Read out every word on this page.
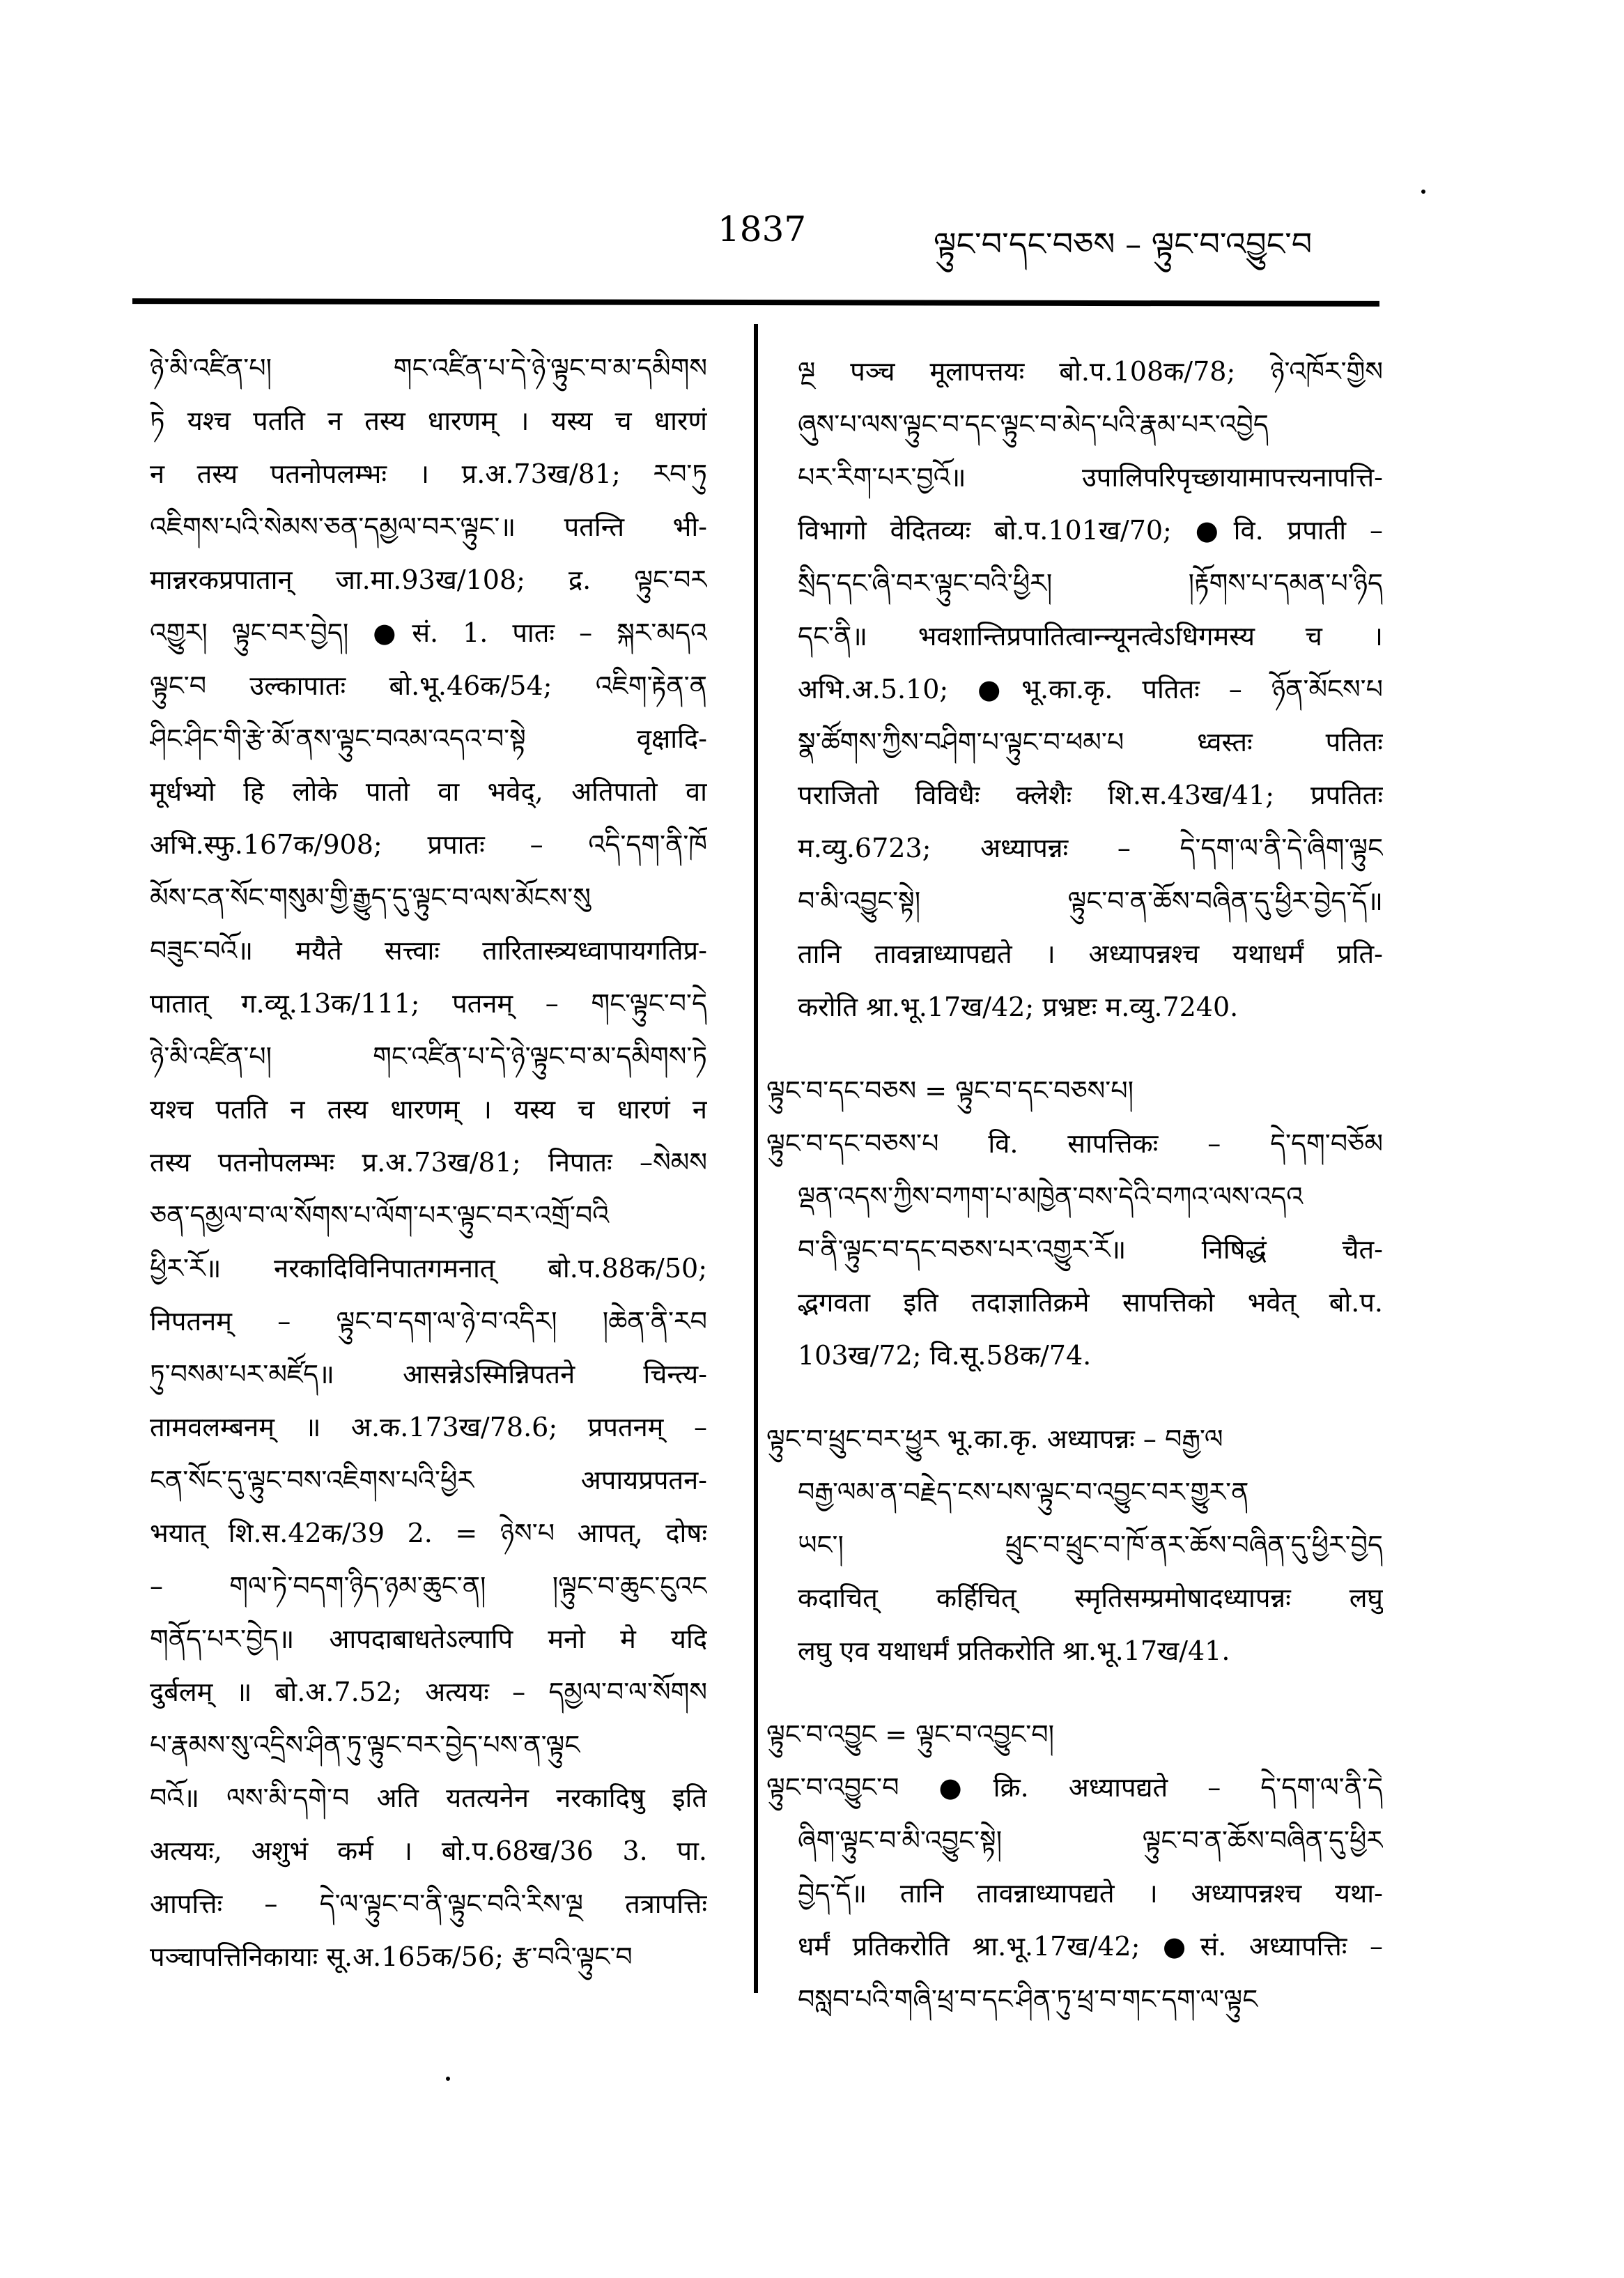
1837	ལྟུང་བ་དང་བཅས – ལྟུང་བ་འབྱུང་བ
ཉེ་མི་འཛིན་པ། གང་འཛིན་པ་དེ་ཉེ་ལྟུང་བ་མ་དམིགས
ཏེ यश्च पतति न तस्य धारणम् । यस्य च धारणं
न तस्य पतनोपलम्भः । प्र.अ.73ख/81; རབ་ཏུ
འཇིགས་པའི་སེམས་ཅན་དམྱལ་བར་ལྟུང་॥ पतन्ति भी-
मान्नरकप्रपातान् जा.मा.93ख/108; द्र. ལྟུང་བར
འགྱུར། ལྟུང་བར་བྱེད། ●सं. 1. पातः – སྐར་མདའ
ལྟུང་བ उल्कापातः बो.भू.46क/54; འཇིག་རྟེན་ན
ཤིང་ཤིང་གི་རྩེ་མོ་ནས་ལྟུང་བའམ་འདའ་བ་སྟེ वृक्षादि-
मूर्धभ्यो हि लोके पातो वा भवेद्, अतिपातो वा
अभि.स्फु.167क/908; प्रपातः – འདི་དག་ནི་ཁོ
མོས་ངན་སོང་གསུམ་གྱི་རྒྱུད་དུ་ལྟུང་བ་ལས་མོངས་སུ
བཟུང་བའོ॥ मयैते सत्त्वाः तारितास्त्र्यध्वापायगतिप्र-
पातात् ग.व्यू.13क/111; पतनम् – གང་ལྟུང་བ་དེ
ཉེ་མི་འཛིན་པ། གང་འཛིན་པ་དེ་ཉེ་ལྟུང་བ་མ་དམིགས་ཏེ
यश्च पतति न तस्य धारणम् । यस्य च धारणं न
तस्य पतनोपलम्भः प्र.अ.73ख/81; निपातः –སེམས
ཅན་དམྱལ་བ་ལ་སོགས་པ་ལོག་པར་ལྟུང་བར་འགྲོ་བའི
ཕྱིར་རོ॥ नरकादिविनिपातगमनात् बो.प.88क/50;
निपतनम् – ལྟུང་བ་དག་ལ་ཉེ་བ་འདིར། །ཆེན་ནི་རབ
ཏུ་བསམ་པར་མཛོད॥ आसन्नेऽस्मिन्निपतने चिन्त्य-
तामवलम्बनम् ॥ अ.क.173ख/78.6; प्रपतनम् –
ངན་སོང་དུ་ལྟུང་བས་འཇིགས་པའི་ཕྱིར अपायप्रपतन-
भयात् शि.स.42क/39 2. = ཉེས་པ आपत्, दोषः
– གལ་ཏེ་བདག་ཉིད་ཉམ་ཆུང་ན། །ལྟུང་བ་ཆུང་ངུའང
གནོད་པར་བྱེད॥ आपदाबाधतेऽल्पापि मनो मे यदि
दुर्बलम् ॥ बो.अ.7.52; अत्ययः – དམྱལ་བ་ལ་སོགས
པ་རྣམས་སུ་འདྲིས་ཤིན་ཏུ་ལྟུང་བར་བྱེད་པས་ན་ལྟུང
བའོ॥ ལས་མི་དགེ་བ अति यतत्यनेन नरकादिषु इति
अत्ययः, अशुभं कर्म । बो.प.68ख/36 3. पा.
आपत्तिः – དེ་ལ་ལྟུང་བ་ནི་ལྟུང་བའི་རིས་ལྔ तत्रापत्तिः
पञ्चापत्तिनिकायाः सू.अ.165क/56; རྩ་བའི་ལྟུང་བ
ལྔ पञ्च मूलापत्तयः बो.प.108क/78; ཉེ་འཁོར་གྱིས
ཞུས་པ་ལས་ལྟུང་བ་དང་ལྟུང་བ་མེད་པའི་རྣམ་པར་འབྱེད
པར་རིག་པར་བྱའོ॥ उपालिपरिपृच्छायामापत्त्यनापत्ति-
विभागो वेदितव्यः बो.प.101ख/70; ●वि. प्रपाती –
སྲིད་དང་ཞི་བར་ལྟུང་བའི་ཕྱིར། །རྟོགས་པ་དམན་པ་ཉིད
དང་ནི॥ भवशान्तिप्रपातित्वान्न्यूनत्वेऽधिगमस्य च ।
अभि.अ.5.10; ●भू.का.कृ. पतितः – ཉོན་མོངས་པ
སྣ་ཚོགས་ཀྱིས་བཤིག་པ་ལྟུང་བ་ཕམ་པ ध्वस्तः पतितः
पराजितो विविधैः क्लेशैः शि.स.43ख/41; प्रपतितः
म.व्यु.6723; अध्यापन्नः – དེ་དག་ལ་ནི་དེ་ཞིག་ལྟུང
བ་མི་འབྱུང་སྟེ། ལྟུང་བ་ན་ཆོས་བཞིན་དུ་ཕྱིར་བྱེད་དོ॥
तानि तावन्नाध्यापद्यते । अध्यापन्नश्च यथाधर्मं प्रति-
करोति श्रा.भू.17ख/42; प्रभ्रष्टः म.व्यु.7240.
ལྟུང་བ་དང་བཅས = ལྟུང་བ་དང་བཅས་པ།
ལྟུང་བ་དང་བཅས་པ वि. सापत्तिकः – དེ་དག་བཅོམ
ལྡན་འདས་ཀྱིས་བཀག་པ་མཁྱེན་བས་དེའི་བཀའ་ལས་འདའ
བ་ནི་ལྟུང་བ་དང་བཅས་པར་འགྱུར་རོ॥ निषिद्धं चैत-
द्भगवता इति तदाज्ञातिक्रमे सापत्तिको भवेत् बो.प.
103ख/72; वि.सू.58क/74.
ལྟུང་བ་ཕྲུང་བར་ཕྱུར भू.का.कृ. अध्यापन्नः – བརྒྱ་ལ
བརྒྱ་ལམ་ན་བརྗེད་ངས་པས་ལྟུང་བ་འབྱུང་བར་གྱུར་ན
ཡང་། ཕྲུང་བ་ཕྲུང་བ་ཁོ་ནར་ཆོས་བཞིན་དུ་ཕྱིར་བྱེད
कदाचित् कर्हिचित् स्मृतिसम्प्रमोषादध्यापन्नः लघु
लघु एव यथाधर्मं प्रतिकरोति श्रा.भू.17ख/41.
ལྟུང་བ་འབྱུང = ལྟུང་བ་འབྱུང་བ།
ལྟུང་བ་འབྱུང་བ ●क्रि. अध्यापद्यते – དེ་དག་ལ་ནི་དེ
ཞིག་ལྟུང་བ་མི་འབྱུང་སྟེ། ལྟུང་བ་ན་ཆོས་བཞིན་དུ་ཕྱིར
བྱེད་དོ॥ तानि तावन्नाध्यापद्यते । अध्यापन्नश्च यथा-
धर्मं प्रतिकरोति श्रा.भू.17ख/42; ●सं. अध्यापत्तिः –
བསླབ་པའི་གཞི་ཕྲ་བ་དང་ཤིན་ཏུ་ཕྲ་བ་གང་དག་ལ་ལྟུང
